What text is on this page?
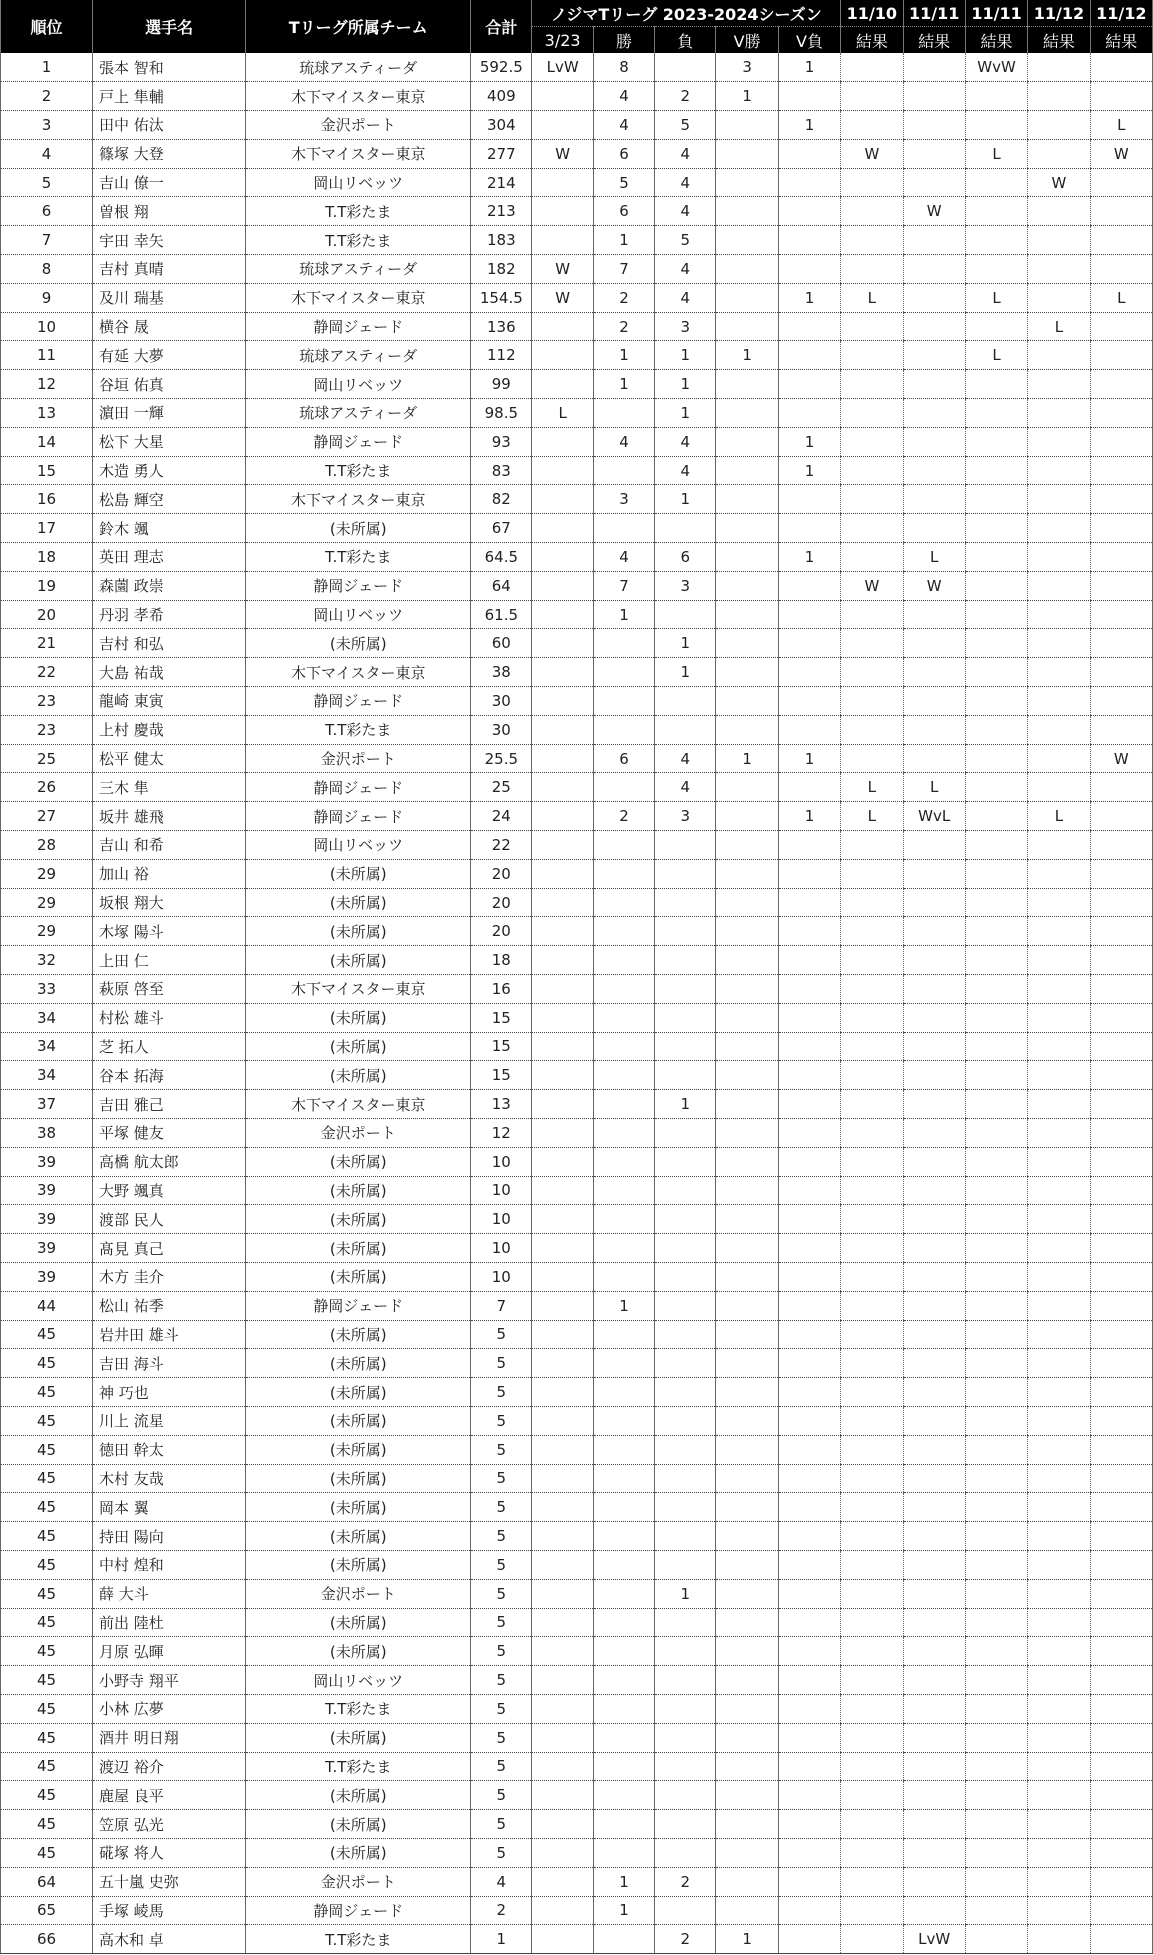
順位	選手名	Tリーグ所属チーム	合計	ノジマTリーグ 2023-2024シーズン					11/10	11/11	11/11	11/12	11/12
				3/23	勝	負	V勝	V負	結果	結果	結果	結果	結果
1	張本 智和	琉球アスティーダ	592.5	LvW	8		3	1			WvW		
2	戸上 隼輔	木下マイスター東京	409		4	2	1						
3	田中 佑汰	金沢ポート	304		4	5		1					L
4	篠塚 大登	木下マイスター東京	277	W	6	4			W		L		W
5	吉山 僚一	岡山リベッツ	214		5	4						W	
6	曽根 翔	T.T彩たま	213		6	4				W			
7	宇田 幸矢	T.T彩たま	183		1	5							
8	吉村 真晴	琉球アスティーダ	182	W	7	4							
9	及川 瑞基	木下マイスター東京	154.5	W	2	4		1	L		L		L
10	横谷 晟	静岡ジェード	136		2	3						L	
11	有延 大夢	琉球アスティーダ	112		1	1	1				L		
12	谷垣 佑真	岡山リベッツ	99		1	1							
13	濵田 一輝	琉球アスティーダ	98.5	L		1							
14	松下 大星	静岡ジェード	93		4	4		1					
15	木造 勇人	T.T彩たま	83			4		1					
16	松島 輝空	木下マイスター東京	82		3	1							
17	鈴木 颯	(未所属)	67										
18	英田 理志	T.T彩たま	64.5		4	6		1		L			
19	森薗 政崇	静岡ジェード	64		7	3			W	W			
20	丹羽 孝希	岡山リベッツ	61.5		1								
21	吉村 和弘	(未所属)	60			1							
22	大島 祐哉	木下マイスター東京	38			1							
23	龍崎 東寅	静岡ジェード	30										
23	上村 慶哉	T.T彩たま	30										
25	松平 健太	金沢ポート	25.5		6	4	1	1					W
26	三木 隼	静岡ジェード	25			4			L	L			
27	坂井 雄飛	静岡ジェード	24		2	3		1	L	WvL		L	
28	吉山 和希	岡山リベッツ	22										
29	加山 裕	(未所属)	20										
29	坂根 翔大	(未所属)	20										
29	木塚 陽斗	(未所属)	20										
32	上田 仁	(未所属)	18										
33	萩原 啓至	木下マイスター東京	16										
34	村松 雄斗	(未所属)	15										
34	芝 拓人	(未所属)	15										
34	谷本 拓海	(未所属)	15										
37	吉田 雅己	木下マイスター東京	13			1							
38	平塚 健友	金沢ポート	12										
39	高橋 航太郎	(未所属)	10										
39	大野 颯真	(未所属)	10										
39	渡部 民人	(未所属)	10										
39	髙見 真己	(未所属)	10										
39	木方 圭介	(未所属)	10										
44	松山 祐季	静岡ジェード	7		1								
45	岩井田 雄斗	(未所属)	5										
45	吉田 海斗	(未所属)	5										
45	神 巧也	(未所属)	5										
45	川上 流星	(未所属)	5										
45	徳田 幹太	(未所属)	5										
45	木村 友哉	(未所属)	5										
45	岡本 翼	(未所属)	5										
45	持田 陽向	(未所属)	5										
45	中村 煌和	(未所属)	5										
45	薛 大斗	金沢ポート	5			1							
45	前出 陸杜	(未所属)	5										
45	月原 弘暉	(未所属)	5										
45	小野寺 翔平	岡山リベッツ	5										
45	小林 広夢	T.T彩たま	5										
45	酒井 明日翔	(未所属)	5										
45	渡辺 裕介	T.T彩たま	5										
45	鹿屋 良平	(未所属)	5										
45	笠原 弘光	(未所属)	5										
45	硴塚 将人	(未所属)	5										
64	五十嵐 史弥	金沢ポート	4		1	2							
65	手塚 崚馬	静岡ジェード	2		1								
66	高木和 卓	T.T彩たま	1			2	1			LvW			
